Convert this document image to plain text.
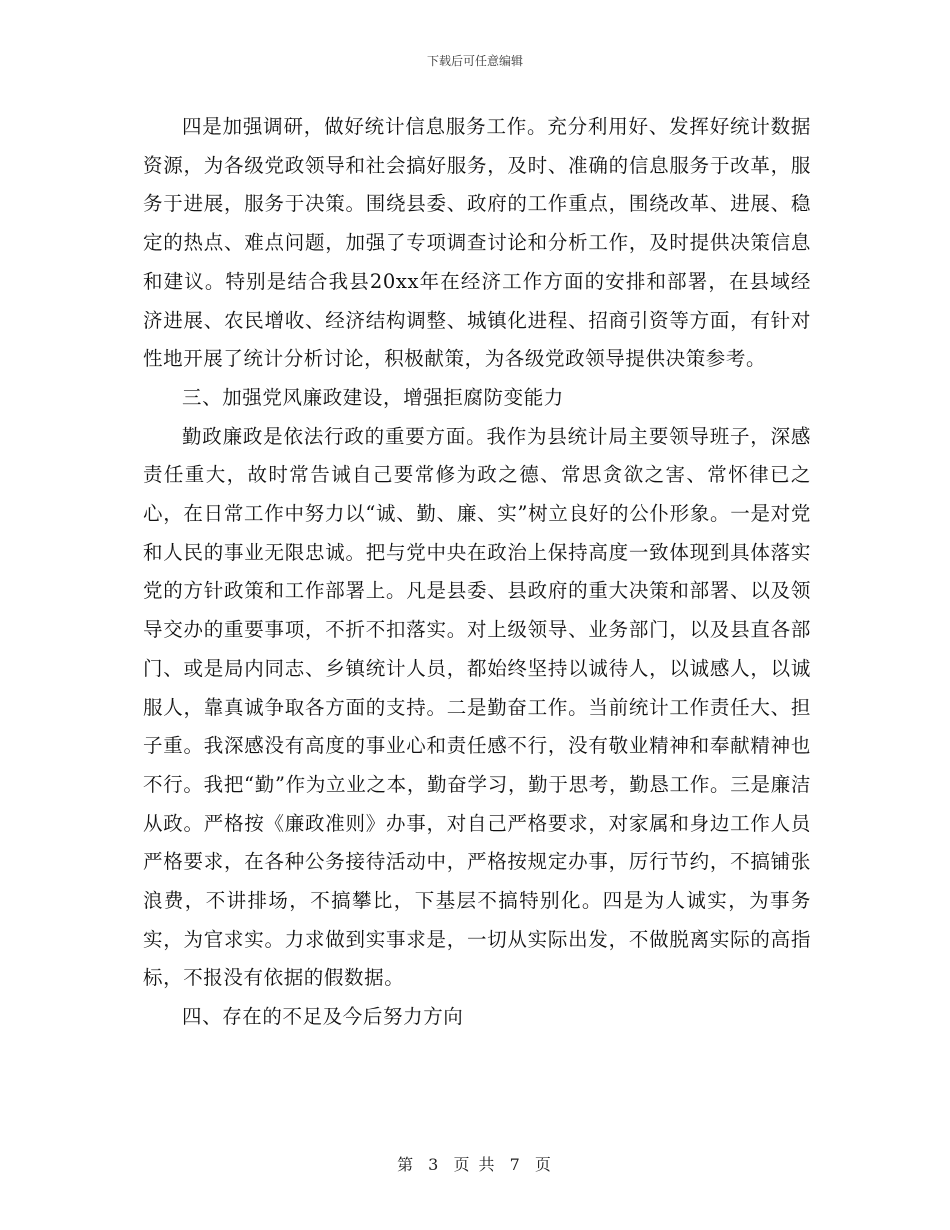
下载后可任意编辑

四是加强调研，做好统计信息服务工作。充分利用好、发挥好统计数据资源，为各级党政领导和社会搞好服务，及时、准确的信息服务于改革，服务于进展，服务于决策。围绕县委、政府的工作重点，围绕改革、进展、稳定的热点、难点问题，加强了专项调查讨论和分析工作，及时提供决策信息和建议。特别是结合我县20xx年在经济工作方面的安排和部署，在县域经济进展、农民增收、经济结构调整、城镇化进程、招商引资等方面，有针对性地开展了统计分析讨论，积极献策，为各级党政领导提供决策参考。

三、加强党风廉政建设，增强拒腐防变能力

勤政廉政是依法行政的重要方面。我作为县统计局主要领导班子，深感责任重大，故时常告诫自己要常修为政之德、常思贪欲之害、常怀律已之心，在日常工作中努力以“诚、勤、廉、实”树立良好的公仆形象。一是对党和人民的事业无限忠诚。把与党中央在政治上保持高度一致体现到具体落实党的方针政策和工作部署上。凡是县委、县政府的重大决策和部署、以及领导交办的重要事项，不折不扣落实。对上级领导、业务部门，以及县直各部门、或是局内同志、乡镇统计人员，都始终坚持以诚待人，以诚感人，以诚服人，靠真诚争取各方面的支持。二是勤奋工作。当前统计工作责任大、担子重。我深感没有高度的事业心和责任感不行，没有敬业精神和奉献精神也不行。我把“勤”作为立业之本，勤奋学习，勤于思考，勤恳工作。三是廉洁从政。严格按《廉政准则》办事，对自己严格要求，对家属和身边工作人员严格要求，在各种公务接待活动中，严格按规定办事，厉行节约，不搞铺张浪费，不讲排场，不搞攀比，下基层不搞特别化。四是为人诚实，为事务实，为官求实。力求做到实事求是，一切从实际出发，不做脱离实际的高指标，不报没有依据的假数据。

四、存在的不足及今后努力方向

第 3 页 共 7 页
